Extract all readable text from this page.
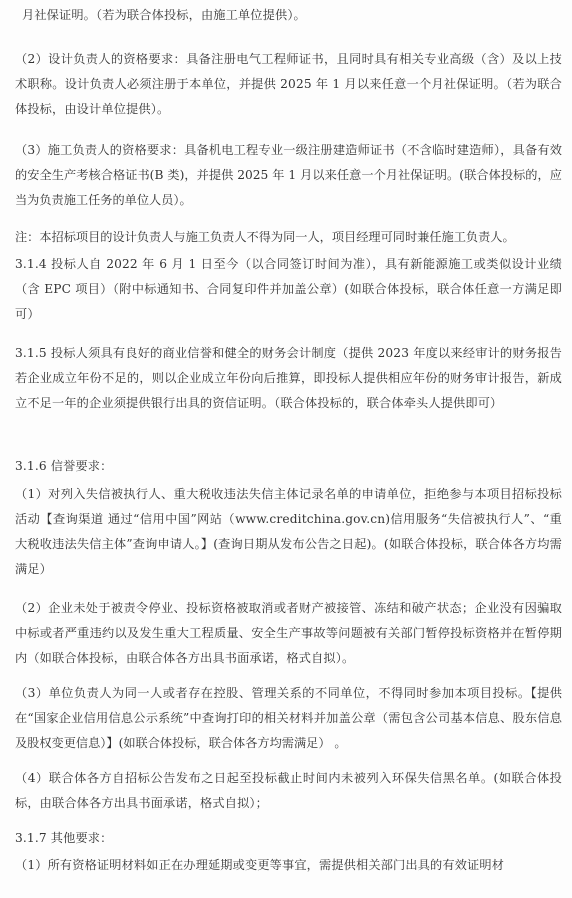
月社保证明。（若为联合体投标，由施工单位提供）。

（2）设计负责人的资格要求：具备注册电气工程师证书，且同时具有相关专业高级（含）及以上技术职称。设计负责人必须注册于本单位，并提供 2025 年 1 月以来任意一个月社保证明。（若为联合体投标，由设计单位提供）。

（3）施工负责人的资格要求：具备机电工程专业一级注册建造师证书（不含临时建造师），具备有效的安全生产考核合格证书(B 类)，并提供 2025 年 1 月以来任意一个月社保证明。(联合体投标的，应当为负责施工任务的单位人员）。

注：本招标项目的设计负责人与施工负责人不得为同一人，项目经理可同时兼任施工负责人。

3.1.4 投标人自 2022 年 6 月 1 日至今（以合同签订时间为准），具有新能源施工或类似设计业绩（含 EPC 项目）（附中标通知书、合同复印件并加盖公章）(如联合体投标，联合体任意一方满足即可）

3.1.5 投标人须具有良好的商业信誉和健全的财务会计制度（提供 2023 年度以来经审计的财务报告 若企业成立年份不足的，则以企业成立年份向后推算，即投标人提供相应年份的财务审计报告，新成立不足一年的企业须提供银行出具的资信证明。（联合体投标的，联合体牵头人提供即可）

3.1.6 信誉要求：

（1）对列入失信被执行人、重大税收违法失信主体记录名单的申请单位，拒绝参与本项目招标投标活动【查询渠道 通过“信用中国”网站（www.creditchina.gov.cn)信用服务“失信被执行人”、“重大税收违法失信主体”查询申请人。】(查询日期从发布公告之日起)。(如联合体投标，联合体各方均需满足）

（2）企业未处于被责令停业、投标资格被取消或者财产被接管、冻结和破产状态；企业没有因骗取中标或者严重违约以及发生重大工程质量、安全生产事故等问题被有关部门暂停投标资格并在暂停期内（如联合体投标，由联合体各方出具书面承诺，格式自拟）。

（3）单位负责人为同一人或者存在控股、管理关系的不同单位，不得同时参加本项目投标。【提供在“国家企业信用信息公示系统”中查询打印的相关材料并加盖公章（需包含公司基本信息、股东信息及股权变更信息）】(如联合体投标，联合体各方均需满足） 。

（4）联合体各方自招标公告发布之日起至投标截止时间内未被列入环保失信黑名单。(如联合体投标，由联合体各方出具书面承诺，格式自拟）；

3.1.7 其他要求：

（1）所有资格证明材料如正在办理延期或变更等事宜，需提供相关部门出具的有效证明材
